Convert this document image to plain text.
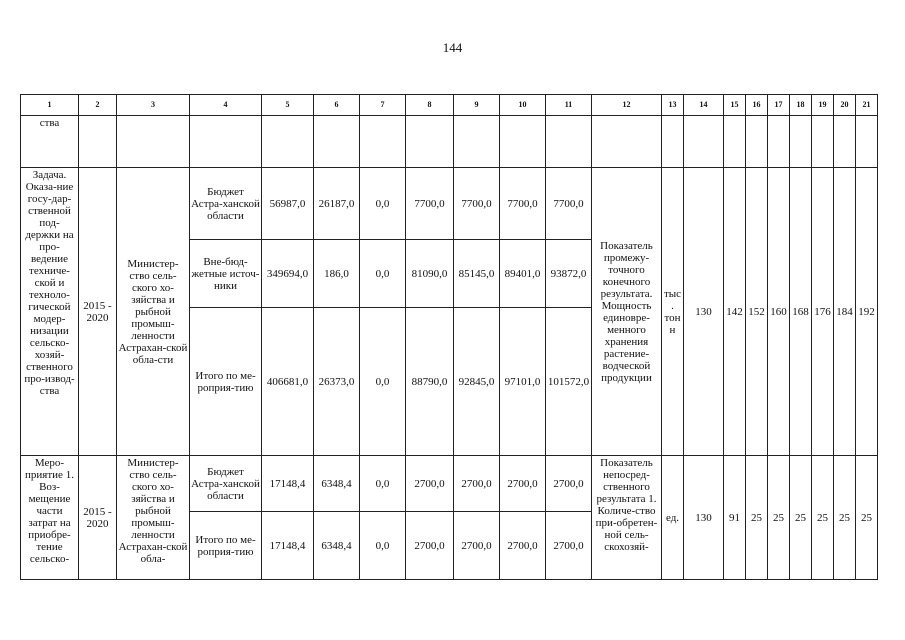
144
1	2	3	4	5	6	7	8	9	10	11	12	13	14	15	16	17	18	19	20	21
ства																				
Задача. Оказа-ние госу-дар-ственной под-держки на про-ведение техниче-ской и техноло-гической модер-низации сельско-хозяй-ственного про-извод-ства	2015 - 2020	Министер-ство сель-ского хо-зяйства и рыбной промыш-ленности Астрахан-ской обла-сти	Бюджет Астра-ханской области	56987,0	26187,0	0,0	7700,0	7700,0	7700,0	7700,0	Показатель промежу-точного конечного результата. Мощность единовре-менного хранения растение-водческой продукции	тыс. тонн	130	142	152	160	168	176	184	192
			Вне-бюд-жетные источ-ники	349694,0	186,0	0,0	81090,0	85145,0	89401,0	93872,0										
			Итого по ме-роприя-тию	406681,0	26373,0	0,0	88790,0	92845,0	97101,0	101572,0										
Меро-приятие 1. Воз-мещение части затрат на приобре-тение сельско-	2015 - 2020	Министер-ство сель-ского хо-зяйства и рыбной промыш-ленности Астрахан-ской обла-	Бюджет Астра-ханской области	17148,4	6348,4	0,0	2700,0	2700,0	2700,0	2700,0	Показатель непосред-ственного результата 1. Количе-ство при-обретен-ной сель-скохозяй-	ед.	130	91	25	25	25	25	25	25
			Итого по ме-роприя-тию	17148,4	6348,4	0,0	2700,0	2700,0	2700,0	2700,0										
